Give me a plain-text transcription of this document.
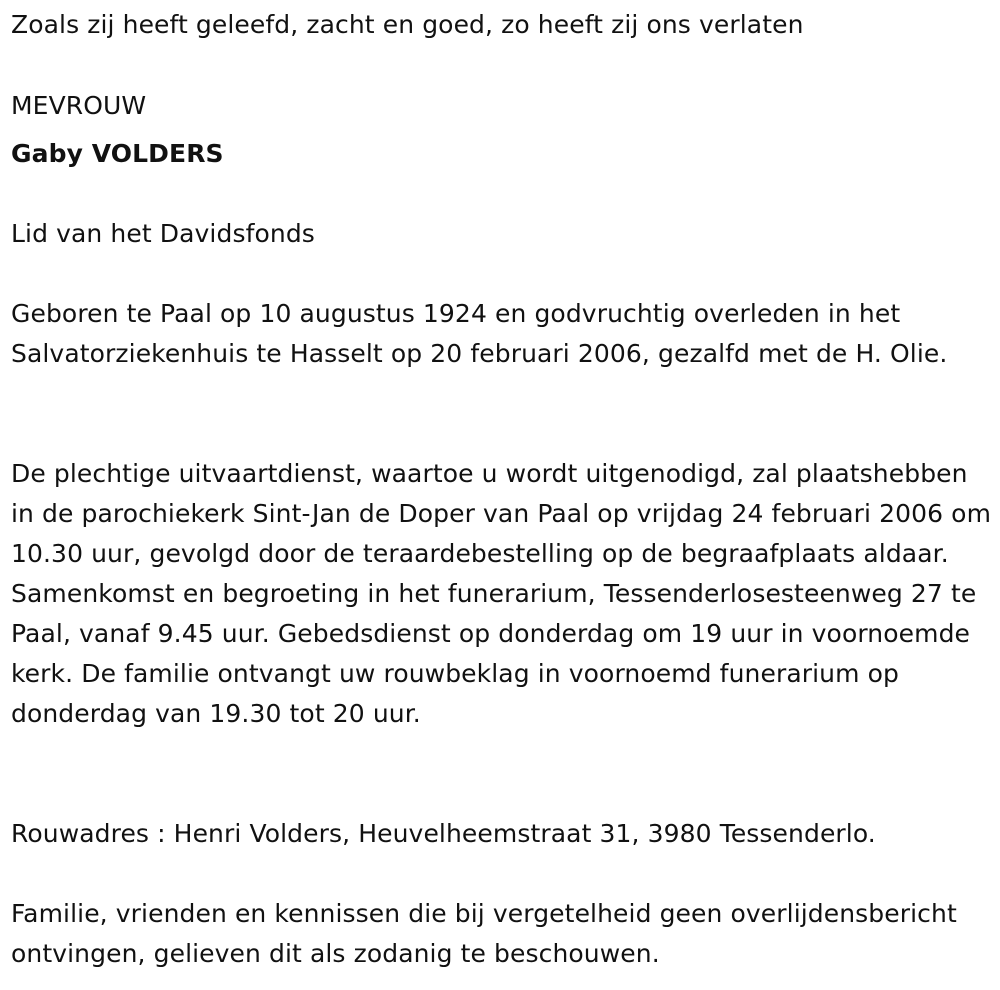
Zoals zij heeft geleefd, zacht en goed, zo heeft zij ons verlaten

MEVROUW

Gaby VOLDERS

Lid van het Davidsfonds

Geboren te Paal op 10 augustus 1924 en godvruchtig overleden in het Salvatorziekenhuis te Hasselt op 20 februari 2006, gezalfd met de H. Olie.

De plechtige uitvaartdienst, waartoe u wordt uitgenodigd, zal plaatshebben in de parochiekerk Sint-Jan de Doper van Paal op vrijdag 24 februari 2006 om 10.30 uur, gevolgd door de teraardebestelling op de begraafplaats aldaar. Samenkomst en begroeting in het funerarium, Tessenderlosesteenweg 27 te Paal, vanaf 9.45 uur. Gebedsdienst op donderdag om 19 uur in voornoemde kerk. De familie ontvangt uw rouwbeklag in voornoemd funerarium op donderdag van 19.30 tot 20 uur.

Rouwadres : Henri Volders, Heuvelheemstraat 31, 3980 Tessenderlo.

Familie, vrienden en kennissen die bij vergetelheid geen overlijdensbericht ontvingen, gelieven dit als zodanig te beschouwen.
